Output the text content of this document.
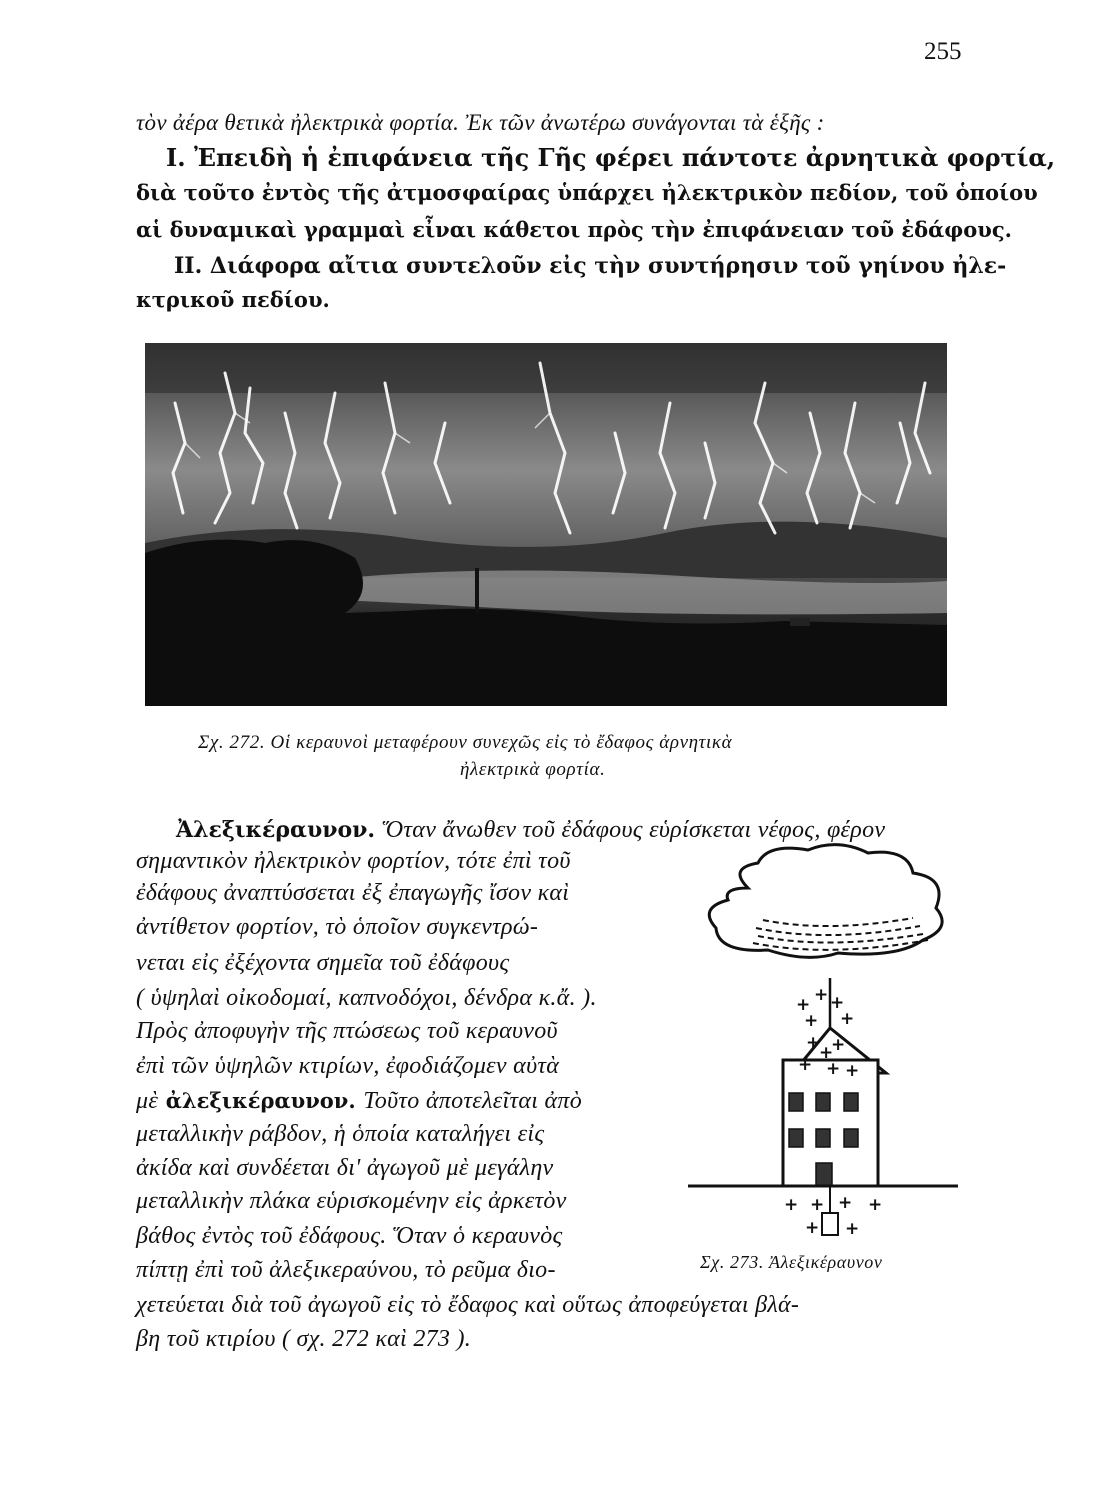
255
τὸν ἀέρα θετικὰ ἠλεκτρικὰ φορτία. Ἐκ τῶν ἀνωτέρω συνάγονται τὰ ἑξῆς :
I. Ἐπειδὴ ἡ ἐπιφάνεια τῆς Γῆς φέρει πάντοτε ἀρνητικὰ φορτία,
διὰ τοῦτο ἐντὸς τῆς ἀτμοσφαίρας ὑπάρχει ἠλεκτρικὸν πεδίον, τοῦ ὁποίου
αἱ δυναμικαὶ γραμμαὶ εἶναι κάθετοι πρὸς τὴν ἐπιφάνειαν τοῦ ἐδάφους.
II. Διάφορα αἴτια συντελοῦν εἰς τὴν συντήρησιν τοῦ γηίνου ἠλε-
κτρικοῦ πεδίου.
Σχ. 272. Οἱ κεραυνοὶ μεταφέρουν συνεχῶς εἰς τὸ ἔδαφος ἀρνητικὰ
ἠλεκτρικὰ φορτία.
Ἀλεξικέραυνον. Ὅταν ἄνωθεν τοῦ ἐδάφους εὑρίσκεται νέφος, φέρον
σημαντικὸν ἠλεκτρικὸν φορτίον, τότε ἐπὶ τοῦ
ἐδάφους ἀναπτύσσεται ἐξ ἐπαγωγῆς ἴσον καὶ
ἀντίθετον φορτίον, τὸ ὁποῖον συγκεντρώ-
νεται εἰς ἐξέχοντα σημεῖα τοῦ ἐδάφους
( ὑψηλαὶ οἰκοδομαί, καπνοδόχοι, δένδρα κ.ἄ. ).
Πρὸς ἀποφυγὴν τῆς πτώσεως τοῦ κεραυνοῦ
ἐπὶ τῶν ὑψηλῶν κτιρίων, ἐφοδιάζομεν αὐτὰ
μὲ ἀλεξικέραυνον. Τοῦτο ἀποτελεῖται ἀπὸ
μεταλλικὴν ράβδον, ἡ ὁποία καταλήγει εἰς
ἀκίδα καὶ συνδέεται δι' ἀγωγοῦ μὲ μεγάλην
μεταλλικὴν πλάκα εὑρισκομένην εἰς ἀρκετὸν
βάθος ἐντὸς τοῦ ἐδάφους. Ὅταν ὁ κεραυνὸς
πίπτῃ ἐπὶ τοῦ ἀλεξικεραύνου, τὸ ρεῦμα διο-
χετεύεται διὰ τοῦ ἀγωγοῦ εἰς τὸ ἔδαφος καὶ οὕτως ἀποφεύγεται βλά-
βη τοῦ κτιρίου ( σχ. 272 καὶ 273 ).
+ + +
+ +
+
+
+
+ + +
+ + + +
+ +
Σχ. 273. Ἀλεξικέραυνον
